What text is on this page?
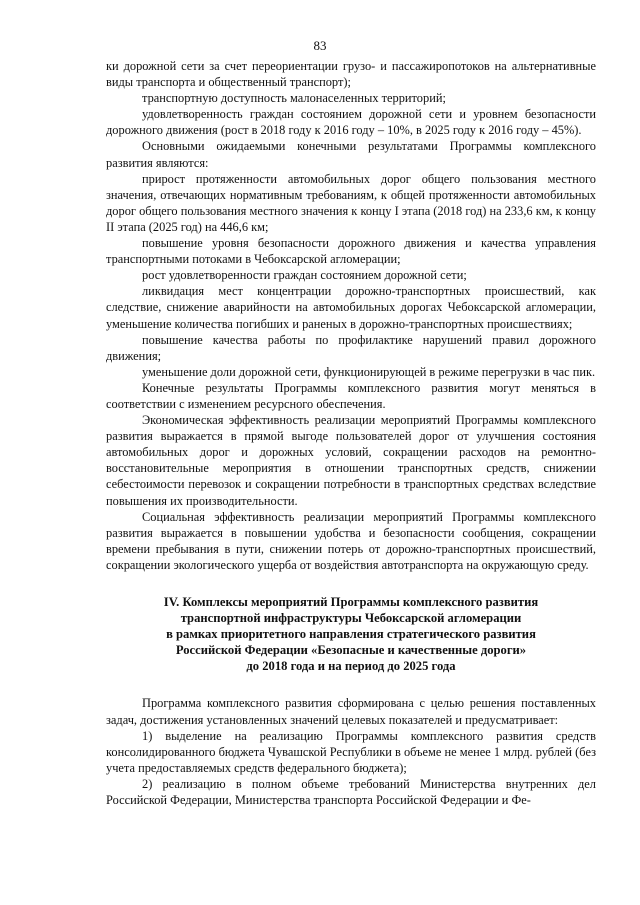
83

ки дорожной сети за счет переориентации грузо- и пассажиропотоков на альтернативные виды транспорта и общественный транспорт);

транспортную доступность малонаселенных территорий;

удовлетворенность граждан состоянием дорожной сети и уровнем безопасности дорожного движения (рост в 2018 году к 2016 году – 10%, в 2025 году к 2016 году – 45%).

Основными ожидаемыми конечными результатами Программы комплексного развития являются:

прирост протяженности автомобильных дорог общего пользования местного значения, отвечающих нормативным требованиям, к общей протяженности автомобильных дорог общего пользования местного значения к концу I этапа (2018 год) на 233,6 км, к концу II этапа (2025 год) на 446,6 км;

повышение уровня безопасности дорожного движения и качества управления транспортными потоками в Чебоксарской агломерации;

рост удовлетворенности граждан состоянием дорожной сети;

ликвидация мест концентрации дорожно-транспортных происшествий, как следствие, снижение аварийности на автомобильных дорогах Чебоксарской агломерации, уменьшение количества погибших и раненых в дорожно-транспортных происшествиях;

повышение качества работы по профилактике нарушений правил дорожного движения;

уменьшение доли дорожной сети, функционирующей в режиме перегрузки в час пик.

Конечные результаты Программы комплексного развития могут меняться в соответствии с изменением ресурсного обеспечения.

Экономическая эффективность реализации мероприятий Программы комплексного развития выражается в прямой выгоде пользователей дорог от улучшения состояния автомобильных дорог и дорожных условий, сокращении расходов на ремонтно-восстановительные мероприятия в отношении транспортных средств, снижении себестоимости перевозок и сокращении потребности в транспортных средствах вследствие повышения их производительности.

Социальная эффективность реализации мероприятий Программы комплексного развития выражается в повышении удобства и безопасности сообщения, сокращении времени пребывания в пути, снижении потерь от дорожно-транспортных происшествий, сокращении экологического ущерба от воздействия автотранспорта на окружающую среду.

IV. Комплексы мероприятий Программы комплексного развития
транспортной инфраструктуры Чебоксарской агломерации
в рамках приоритетного направления стратегического развития
Российской Федерации «Безопасные и качественные дороги»
до 2018 года и на период до 2025 года

Программа комплексного развития сформирована с целью решения поставленных задач, достижения установленных значений целевых показателей и предусматривает:

1) выделение на реализацию Программы комплексного развития средств консолидированного бюджета Чувашской Республики в объеме не менее 1 млрд. рублей (без учета предоставляемых средств федерального бюджета);

2) реализацию в полном объеме требований Министерства внутренних дел Российской Федерации, Министерства транспорта Российской Федерации и Фе-
